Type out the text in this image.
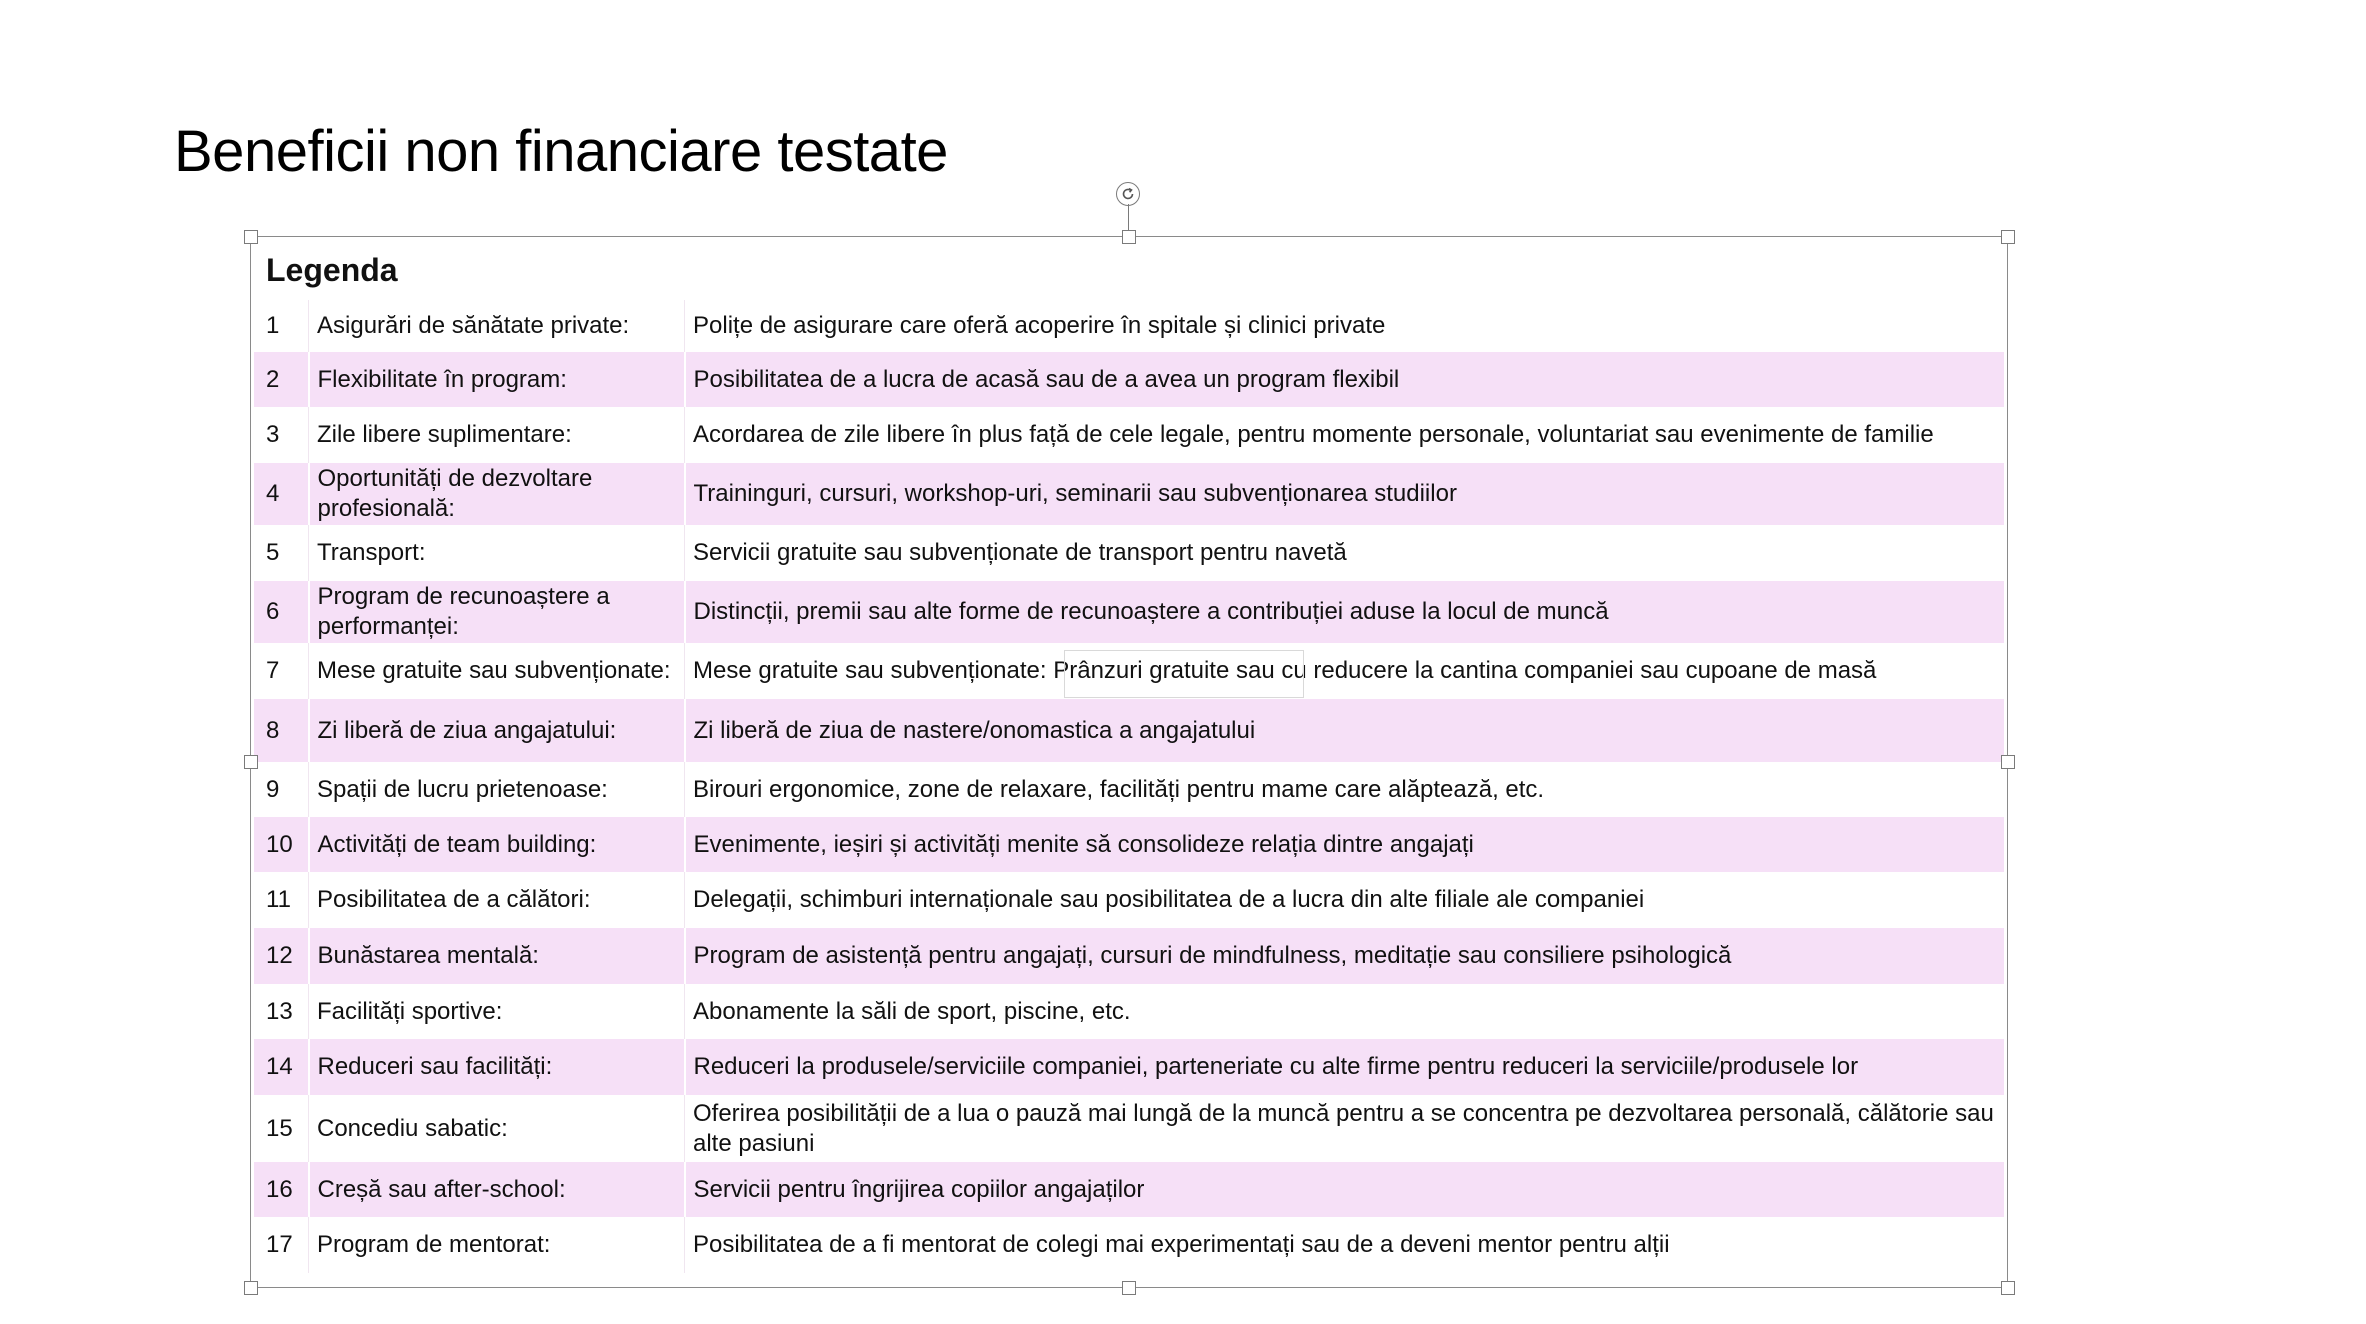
Beneficii non financiare testate
Legenda
1	Asigurări de sănătate private:	Polițe de asigurare care oferă acoperire în spitale și clinici private
2	Flexibilitate în program:	Posibilitatea de a lucra de acasă sau de a avea un program flexibil
3	Zile libere suplimentare:	Acordarea de zile libere în plus față de cele legale, pentru momente personale, voluntariat sau evenimente de familie
4	Oportunități de dezvoltare profesională:	Traininguri, cursuri, workshop-uri, seminarii sau subvenționarea studiilor
5	Transport:	Servicii gratuite sau subvenționate de transport pentru navetă
6	Program de recunoaștere a performanței:	Distincții, premii sau alte forme de recunoaștere a contribuției aduse la locul de muncă
7	Mese gratuite sau subvenționate:	Mese gratuite sau subvenționate: Prânzuri gratuite sau cu reducere la cantina companiei sau cupoane de masă
8	Zi liberă de ziua angajatului:	Zi liberă de ziua de nastere/onomastica a angajatului
9	Spații de lucru prietenoase:	Birouri ergonomice, zone de relaxare, facilități pentru mame care alăptează, etc.
10	Activități de team building:	Evenimente, ieșiri și activități menite să consolideze relația dintre angajați
11	Posibilitatea de a călători:	Delegații, schimburi internaționale sau posibilitatea de a lucra din alte filiale ale companiei
12	Bunăstarea mentală:	Program de asistență pentru angajați, cursuri de mindfulness, meditație sau consiliere psihologică
13	Facilități sportive:	Abonamente la săli de sport, piscine, etc.
14	Reduceri sau facilități:	Reduceri la produsele/serviciile companiei, parteneriate cu alte firme pentru reduceri la serviciile/produsele lor
15	Concediu sabatic:	Oferirea posibilității de a lua o pauză mai lungă de la muncă pentru a se concentra pe dezvoltarea personală, călătorie sau alte pasiuni
16	Creșă sau after-school:	Servicii pentru îngrijirea copiilor angajaților
17	Program de mentorat:	Posibilitatea de a fi mentorat de colegi mai experimentați sau de a deveni mentor pentru alții
